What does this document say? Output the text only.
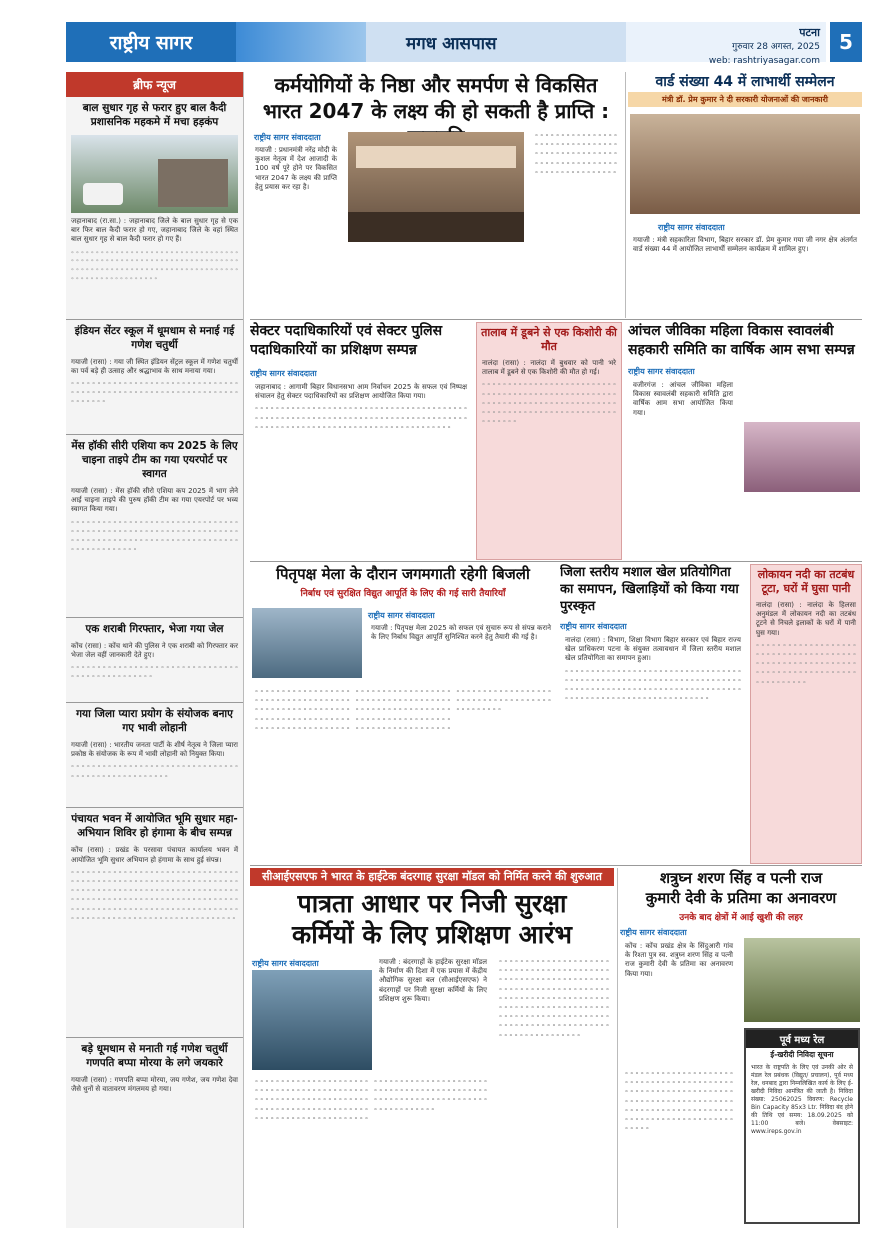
राष्ट्रीय सागर	मगध आसपास
पटना
गुरुवार 28 अगस्त, 2025
web: rashtriyasagar.com
5
ब्रीफ न्यूज
बाल सुधार गृह से फरार हुए बाल कैदी प्रशासनिक महकमे में मचा हड़कंप
जहानाबाद (रा.सा.) : जहानाबाद जिले के बाल सुधार गृह से एक बार फिर बाल कैदी फरार हो गए, जहानाबाद जिले के वहां स्थित बाल सुधार गृह से बाल कैदी फरार हो गए हैं।
॰ ॰ ॰ ॰ ॰ ॰ ॰ ॰ ॰ ॰ ॰ ॰ ॰ ॰ ॰ ॰ ॰ ॰ ॰ ॰ ॰ ॰ ॰ ॰ ॰ ॰ ॰ ॰ ॰ ॰ ॰ ॰ ॰ ॰ ॰ ॰ ॰ ॰ ॰ ॰ ॰ ॰ ॰ ॰ ॰ ॰ ॰ ॰ ॰ ॰ ॰ ॰ ॰ ॰ ॰ ॰ ॰ ॰ ॰ ॰ ॰ ॰ ॰ ॰ ॰ ॰ ॰ ॰ ॰ ॰ ॰ ॰ ॰ ॰ ॰ ॰ ॰ ॰ ॰ ॰ ॰ ॰ ॰ ॰ ॰ ॰ ॰ ॰ ॰ ॰ ॰ ॰ ॰ ॰ ॰ ॰ ॰ ॰ ॰ ॰ ॰ ॰ ॰ ॰ ॰ ॰ ॰ ॰ ॰ ॰ ॰ ॰ ॰ ॰ ॰ ॰ ॰ ॰ ॰ ॰
इंडियन सेंटर स्कूल में धूमधाम से मनाई गई गणेश चतुर्थी
गयाजी (रासा) : गया जी स्थित इंडियन सेंट्रल स्कूल में गणेश चतुर्थी का पर्व बड़े ही उत्साह और श्रद्धाभाव के साथ मनाया गया।
॰ ॰ ॰ ॰ ॰ ॰ ॰ ॰ ॰ ॰ ॰ ॰ ॰ ॰ ॰ ॰ ॰ ॰ ॰ ॰ ॰ ॰ ॰ ॰ ॰ ॰ ॰ ॰ ॰ ॰ ॰ ॰ ॰ ॰ ॰ ॰ ॰ ॰ ॰ ॰ ॰ ॰ ॰ ॰ ॰ ॰ ॰ ॰ ॰ ॰ ॰ ॰ ॰ ॰ ॰ ॰ ॰ ॰ ॰ ॰ ॰ ॰ ॰ ॰ ॰ ॰ ॰ ॰ ॰ ॰ ॰
मेंस हॉकी सीरी एशिया कप 2025 के लिए चाइना ताइपे टीम का गया एयरपोर्ट पर स्वागत
गयाजी (रासा) : मेंस हॉकी सीरो एशिया कप 2025 में भाग लेने आई चाइना ताइपे की पुरुष हॉकी टीम का गया एयरपोर्ट पर भव्य स्वागत किया गया।
॰ ॰ ॰ ॰ ॰ ॰ ॰ ॰ ॰ ॰ ॰ ॰ ॰ ॰ ॰ ॰ ॰ ॰ ॰ ॰ ॰ ॰ ॰ ॰ ॰ ॰ ॰ ॰ ॰ ॰ ॰ ॰ ॰ ॰ ॰ ॰ ॰ ॰ ॰ ॰ ॰ ॰ ॰ ॰ ॰ ॰ ॰ ॰ ॰ ॰ ॰ ॰ ॰ ॰ ॰ ॰ ॰ ॰ ॰ ॰ ॰ ॰ ॰ ॰ ॰ ॰ ॰ ॰ ॰ ॰ ॰ ॰ ॰ ॰ ॰ ॰ ॰ ॰ ॰ ॰ ॰ ॰ ॰ ॰ ॰ ॰ ॰ ॰ ॰ ॰ ॰ ॰ ॰ ॰ ॰ ॰ ॰ ॰ ॰ ॰ ॰ ॰ ॰ ॰ ॰ ॰ ॰ ॰ ॰
एक शराबी गिरफ्तार, भेजा गया जेल
कोंच (रासा) : कोंच थाने की पुलिस ने एक शराबी को गिरफ्तार कर भेजा जेल वहीं जानकारी देते हुए।
॰ ॰ ॰ ॰ ॰ ॰ ॰ ॰ ॰ ॰ ॰ ॰ ॰ ॰ ॰ ॰ ॰ ॰ ॰ ॰ ॰ ॰ ॰ ॰ ॰ ॰ ॰ ॰ ॰ ॰ ॰ ॰ ॰ ॰ ॰ ॰ ॰ ॰ ॰ ॰ ॰ ॰ ॰ ॰ ॰ ॰ ॰ ॰
गया जिला प्यारा प्रयोग के संयोजक बनाए गए भावी लोहानी
गयाजी (रासा) : भारतीय जनता पार्टी के शीर्ष नेतृत्व ने जिला प्यारा प्रकोष्ठ के संयोजक के रूप में भावी लोहानी को नियुक्त किया।
॰ ॰ ॰ ॰ ॰ ॰ ॰ ॰ ॰ ॰ ॰ ॰ ॰ ॰ ॰ ॰ ॰ ॰ ॰ ॰ ॰ ॰ ॰ ॰ ॰ ॰ ॰ ॰ ॰ ॰ ॰ ॰ ॰ ॰ ॰ ॰ ॰ ॰ ॰ ॰ ॰ ॰ ॰ ॰ ॰ ॰ ॰ ॰ ॰ ॰ ॰
पंचायत भवन में आयोजित भूमि सुधार महा-अभियान शिविर हो हंगामा के बीच सम्पन्न
कोंच (रासा) : प्रखंड के परसावा पंचायत कार्यालय भवन में आयोजित भूमि सुधार अभियान हो हंगामा के साथ हुई संपन्न।
॰ ॰ ॰ ॰ ॰ ॰ ॰ ॰ ॰ ॰ ॰ ॰ ॰ ॰ ॰ ॰ ॰ ॰ ॰ ॰ ॰ ॰ ॰ ॰ ॰ ॰ ॰ ॰ ॰ ॰ ॰ ॰ ॰ ॰ ॰ ॰ ॰ ॰ ॰ ॰ ॰ ॰ ॰ ॰ ॰ ॰ ॰ ॰ ॰ ॰ ॰ ॰ ॰ ॰ ॰ ॰ ॰ ॰ ॰ ॰ ॰ ॰ ॰ ॰ ॰ ॰ ॰ ॰ ॰ ॰ ॰ ॰ ॰ ॰ ॰ ॰ ॰ ॰ ॰ ॰ ॰ ॰ ॰ ॰ ॰ ॰ ॰ ॰ ॰ ॰ ॰ ॰ ॰ ॰ ॰ ॰ ॰ ॰ ॰ ॰ ॰ ॰ ॰ ॰ ॰ ॰ ॰ ॰ ॰ ॰ ॰ ॰ ॰ ॰ ॰ ॰ ॰ ॰ ॰ ॰ ॰ ॰ ॰ ॰ ॰ ॰ ॰ ॰ ॰ ॰ ॰ ॰ ॰ ॰ ॰ ॰ ॰ ॰ ॰ ॰ ॰ ॰ ॰ ॰ ॰ ॰ ॰ ॰ ॰ ॰ ॰ ॰ ॰ ॰ ॰ ॰ ॰ ॰ ॰ ॰ ॰ ॰ ॰ ॰ ॰ ॰ ॰ ॰ ॰ ॰ ॰ ॰ ॰ ॰ ॰ ॰ ॰ ॰ ॰ ॰ ॰ ॰ ॰ ॰ ॰ ॰ ॰ ॰ ॰ ॰ ॰ ॰
बड़े धूमधाम से मनाती गई गणेश चतुर्थी गणपति बप्पा मोरया के लगे जयकारे
गयाजी (रासा) : गणपति बप्पा मोरया, जय गणेश, जय गणेश देवा जैसे धुनों से वातावरण मंगलमय हो गया।
कर्मयोगियों के निष्ठा और समर्पण से विकसित
भारत 2047 के लक्ष्य की हो सकती है प्राप्ति :
राष्ट्रीय सागर संवाददाता
गयाजी : प्रधानमंत्री नरेंद्र मोदी के कुशल नेतृत्व में देश आजादी के 100 वर्ष पूरे होने पर विकसित भारत 2047 के लक्ष्य की प्राप्ति हेतु प्रयास कर रहा है।
॰ ॰ ॰ ॰ ॰ ॰ ॰ ॰ ॰ ॰ ॰ ॰ ॰ ॰ ॰ ॰ ॰ ॰ ॰ ॰ ॰ ॰ ॰ ॰ ॰ ॰ ॰ ॰ ॰ ॰ ॰ ॰ ॰ ॰ ॰ ॰ ॰ ॰ ॰ ॰ ॰ ॰ ॰ ॰ ॰ ॰ ॰ ॰ ॰ ॰ ॰ ॰ ॰ ॰ ॰ ॰ ॰ ॰ ॰ ॰ ॰ ॰ ॰ ॰ ॰ ॰ ॰ ॰ ॰ ॰ ॰ ॰ ॰ ॰ ॰ ॰ ॰ ॰ ॰ ॰
वार्ड संख्या 44 में लाभार्थी सम्मेलन
मंत्री डॉ. प्रेम कुमार ने दी सरकारी योजनाओं की जानकारी
राष्ट्रीय सागर संवाददाता
गयाजी : मंत्री सहकारिता विभाग, बिहार सरकार डॉ. प्रेम कुमार गया जी नगर क्षेत्र अंतर्गत वार्ड संख्या 44 में आयोजित लाभार्थी सम्मेलन कार्यक्रम में शामिल हुए।
सेक्टर पदाधिकारियों एवं सेक्टर पुलिस पदाधिकारियों का प्रशिक्षण सम्पन्न
राष्ट्रीय सागर संवाददाता
जहानाबाद : आगामी बिहार विधानसभा आम निर्वाचन 2025 के सफल एवं निष्पक्ष संचालन हेतु सेक्टर पदाधिकारियों का प्रशिक्षण आयोजित किया गया।
॰ ॰ ॰ ॰ ॰ ॰ ॰ ॰ ॰ ॰ ॰ ॰ ॰ ॰ ॰ ॰ ॰ ॰ ॰ ॰ ॰ ॰ ॰ ॰ ॰ ॰ ॰ ॰ ॰ ॰ ॰ ॰ ॰ ॰ ॰ ॰ ॰ ॰ ॰ ॰ ॰ ॰ ॰ ॰ ॰ ॰ ॰ ॰ ॰ ॰ ॰ ॰ ॰ ॰ ॰ ॰ ॰ ॰ ॰ ॰ ॰ ॰ ॰ ॰ ॰ ॰ ॰ ॰ ॰ ॰ ॰ ॰ ॰ ॰ ॰ ॰ ॰ ॰ ॰ ॰ ॰ ॰ ॰ ॰ ॰ ॰ ॰ ॰ ॰ ॰ ॰ ॰ ॰ ॰ ॰ ॰ ॰ ॰ ॰ ॰ ॰ ॰ ॰ ॰ ॰ ॰ ॰ ॰ ॰ ॰ ॰ ॰ ॰ ॰ ॰ ॰ ॰ ॰ ॰ ॰
तालाब में डूबने से एक किशोरी की मौत
नालंदा (रासा) : नालंदा में बुधवार को पानी भरे तालाब में डूबने से एक किशोरी की मौत हो गई।
॰ ॰ ॰ ॰ ॰ ॰ ॰ ॰ ॰ ॰ ॰ ॰ ॰ ॰ ॰ ॰ ॰ ॰ ॰ ॰ ॰ ॰ ॰ ॰ ॰ ॰ ॰ ॰ ॰ ॰ ॰ ॰ ॰ ॰ ॰ ॰ ॰ ॰ ॰ ॰ ॰ ॰ ॰ ॰ ॰ ॰ ॰ ॰ ॰ ॰ ॰ ॰ ॰ ॰ ॰ ॰ ॰ ॰ ॰ ॰ ॰ ॰ ॰ ॰ ॰ ॰ ॰ ॰ ॰ ॰ ॰ ॰ ॰ ॰ ॰ ॰ ॰ ॰ ॰ ॰ ॰ ॰ ॰ ॰ ॰ ॰ ॰ ॰ ॰ ॰ ॰ ॰ ॰ ॰ ॰ ॰ ॰ ॰ ॰ ॰ ॰ ॰ ॰ ॰ ॰ ॰ ॰ ॰ ॰ ॰ ॰
आंचल जीविका महिला विकास स्वावलंबी सहकारी समिति का वार्षिक आम सभा सम्पन्न
राष्ट्रीय सागर संवाददाता
वजीरगंज : आंचल जीविका महिला विकास स्वावलंबी सहकारी समिति द्वारा वार्षिक आम सभा आयोजित किया गया।
पितृपक्ष मेला के दौरान जगमगाती रहेगी बिजली
निर्बाध एवं सुरक्षित विद्युत आपूर्ति के लिए की गई सारी तैयारियाँ
राष्ट्रीय सागर संवाददाता
गयाजी : पितृपक्ष मेला 2025 को सफल एवं सुचारु रूप से संपन्न कराने के लिए निर्बाध विद्युत आपूर्ति सुनिश्चित करने हेतु तैयारी की गई है।
॰ ॰ ॰ ॰ ॰ ॰ ॰ ॰ ॰ ॰ ॰ ॰ ॰ ॰ ॰ ॰ ॰ ॰ ॰ ॰ ॰ ॰ ॰ ॰ ॰ ॰ ॰ ॰ ॰ ॰ ॰ ॰ ॰ ॰ ॰ ॰ ॰ ॰ ॰ ॰ ॰ ॰ ॰ ॰ ॰ ॰ ॰ ॰ ॰ ॰ ॰ ॰ ॰ ॰ ॰ ॰ ॰ ॰ ॰ ॰ ॰ ॰ ॰ ॰ ॰ ॰ ॰ ॰ ॰ ॰ ॰ ॰ ॰ ॰ ॰ ॰ ॰ ॰ ॰ ॰ ॰ ॰ ॰ ॰ ॰ ॰ ॰ ॰ ॰ ॰ ॰ ॰ ॰ ॰ ॰ ॰ ॰ ॰ ॰ ॰ ॰ ॰ ॰ ॰ ॰ ॰ ॰ ॰ ॰ ॰ ॰ ॰ ॰ ॰ ॰ ॰ ॰ ॰ ॰ ॰ ॰ ॰ ॰ ॰ ॰ ॰ ॰ ॰ ॰ ॰ ॰ ॰ ॰ ॰ ॰ ॰ ॰ ॰ ॰ ॰ ॰ ॰ ॰ ॰ ॰ ॰ ॰ ॰ ॰ ॰ ॰ ॰ ॰ ॰ ॰ ॰ ॰ ॰ ॰ ॰ ॰ ॰ ॰ ॰ ॰ ॰ ॰ ॰ ॰ ॰ ॰ ॰ ॰ ॰ ॰ ॰ ॰ ॰ ॰ ॰ ॰ ॰ ॰ ॰ ॰ ॰ ॰ ॰ ॰ ॰ ॰ ॰ ॰ ॰ ॰ ॰ ॰ ॰ ॰ ॰ ॰ ॰ ॰ ॰ ॰ ॰ ॰ ॰ ॰ ॰ ॰ ॰ ॰ ॰ ॰ ॰ ॰ ॰ ॰ ॰ ॰ ॰ ॰ ॰ ॰
जिला स्तरीय मशाल खेल प्रतियोगिता का समापन, खिलाड़ियों को किया गया पुरस्कृत
राष्ट्रीय सागर संवाददाता
नालंदा (रासा) : विभाग, शिक्षा विभाग बिहार सरकार एवं बिहार राज्य खेल प्राधिकरण पटना के संयुक्त तत्वावधान में जिला स्तरीय मशाल खेल प्रतियोगिता का समापन हुआ।
॰ ॰ ॰ ॰ ॰ ॰ ॰ ॰ ॰ ॰ ॰ ॰ ॰ ॰ ॰ ॰ ॰ ॰ ॰ ॰ ॰ ॰ ॰ ॰ ॰ ॰ ॰ ॰ ॰ ॰ ॰ ॰ ॰ ॰ ॰ ॰ ॰ ॰ ॰ ॰ ॰ ॰ ॰ ॰ ॰ ॰ ॰ ॰ ॰ ॰ ॰ ॰ ॰ ॰ ॰ ॰ ॰ ॰ ॰ ॰ ॰ ॰ ॰ ॰ ॰ ॰ ॰ ॰ ॰ ॰ ॰ ॰ ॰ ॰ ॰ ॰ ॰ ॰ ॰ ॰ ॰ ॰ ॰ ॰ ॰ ॰ ॰ ॰ ॰ ॰ ॰ ॰ ॰ ॰ ॰ ॰ ॰ ॰ ॰ ॰ ॰ ॰ ॰ ॰ ॰ ॰ ॰ ॰ ॰ ॰ ॰ ॰ ॰ ॰ ॰ ॰ ॰ ॰ ॰ ॰ ॰ ॰ ॰ ॰ ॰ ॰ ॰ ॰ ॰ ॰
लोकायन नदी का तटबंध टूटा, घरों में घुसा पानी
नालंदा (रासा) : नालंदा के हिलसा अनुमंडल में लोकायन नदी का तटबंध टूटने से निचले इलाकों के घरों में पानी घुस गया।
॰ ॰ ॰ ॰ ॰ ॰ ॰ ॰ ॰ ॰ ॰ ॰ ॰ ॰ ॰ ॰ ॰ ॰ ॰ ॰ ॰ ॰ ॰ ॰ ॰ ॰ ॰ ॰ ॰ ॰ ॰ ॰ ॰ ॰ ॰ ॰ ॰ ॰ ॰ ॰ ॰ ॰ ॰ ॰ ॰ ॰ ॰ ॰ ॰ ॰ ॰ ॰ ॰ ॰ ॰ ॰ ॰ ॰ ॰ ॰ ॰ ॰ ॰ ॰ ॰ ॰ ॰ ॰ ॰ ॰ ॰ ॰ ॰ ॰ ॰ ॰ ॰ ॰ ॰ ॰ ॰ ॰ ॰ ॰ ॰ ॰
सीआईएसएफ ने भारत के हाईटेक बंदरगाह सुरक्षा मॉडल को निर्मित करने की शुरुआत
पात्रता आधार पर निजी सुरक्षा
कर्मियों के लिए प्रशिक्षण आरंभ
राष्ट्रीय सागर संवाददाता	गयाजी : बंदरगाहों के हाईटेक सुरक्षा मॉडल के निर्माण की दिशा में एक प्रयास में केंद्रीय औद्योगिक सुरक्षा बल (सीआईएसएफ) ने बंदरगाहों पर निजी सुरक्षा कर्मियों के लिए प्रशिक्षण शुरू किया।
॰ ॰ ॰ ॰ ॰ ॰ ॰ ॰ ॰ ॰ ॰ ॰ ॰ ॰ ॰ ॰ ॰ ॰ ॰ ॰ ॰ ॰ ॰ ॰ ॰ ॰ ॰ ॰ ॰ ॰ ॰ ॰ ॰ ॰ ॰ ॰ ॰ ॰ ॰ ॰ ॰ ॰ ॰ ॰ ॰ ॰ ॰ ॰ ॰ ॰ ॰ ॰ ॰ ॰ ॰ ॰ ॰ ॰ ॰ ॰ ॰ ॰ ॰ ॰ ॰ ॰ ॰ ॰ ॰ ॰ ॰ ॰ ॰ ॰ ॰ ॰ ॰ ॰ ॰ ॰ ॰ ॰ ॰ ॰ ॰ ॰ ॰ ॰ ॰ ॰ ॰ ॰ ॰ ॰ ॰ ॰ ॰ ॰ ॰ ॰ ॰ ॰ ॰ ॰ ॰ ॰ ॰ ॰ ॰ ॰ ॰ ॰ ॰ ॰ ॰ ॰ ॰ ॰ ॰ ॰ ॰ ॰ ॰ ॰ ॰ ॰ ॰ ॰ ॰ ॰ ॰ ॰ ॰ ॰ ॰ ॰ ॰ ॰ ॰ ॰ ॰ ॰ ॰ ॰ ॰ ॰ ॰ ॰ ॰ ॰ ॰ ॰ ॰ ॰ ॰ ॰ ॰ ॰ ॰ ॰ ॰ ॰ ॰ ॰ ॰ ॰ ॰ ॰ ॰ ॰ ॰ ॰ ॰ ॰ ॰ ॰ ॰ ॰ ॰ ॰ ॰ ॰ ॰ ॰
॰ ॰ ॰ ॰ ॰ ॰ ॰ ॰ ॰ ॰ ॰ ॰ ॰ ॰ ॰ ॰ ॰ ॰ ॰ ॰ ॰ ॰ ॰ ॰ ॰ ॰ ॰ ॰ ॰ ॰ ॰ ॰ ॰ ॰ ॰ ॰ ॰ ॰ ॰ ॰ ॰ ॰ ॰ ॰ ॰ ॰ ॰ ॰ ॰ ॰ ॰ ॰ ॰ ॰ ॰ ॰ ॰ ॰ ॰ ॰ ॰ ॰ ॰ ॰ ॰ ॰ ॰ ॰ ॰ ॰ ॰ ॰ ॰ ॰ ॰ ॰ ॰ ॰ ॰ ॰ ॰ ॰ ॰ ॰ ॰ ॰ ॰ ॰ ॰ ॰ ॰ ॰ ॰ ॰ ॰ ॰ ॰ ॰ ॰ ॰ ॰ ॰ ॰ ॰ ॰ ॰ ॰ ॰ ॰ ॰ ॰ ॰ ॰ ॰ ॰ ॰ ॰ ॰ ॰ ॰ ॰ ॰ ॰ ॰ ॰ ॰ ॰ ॰ ॰ ॰ ॰ ॰ ॰ ॰ ॰ ॰ ॰ ॰ ॰ ॰ ॰ ॰ ॰ ॰ ॰ ॰ ॰ ॰ ॰ ॰ ॰ ॰ ॰ ॰ ॰ ॰ ॰ ॰ ॰ ॰ ॰ ॰ ॰ ॰ ॰ ॰ ॰ ॰ ॰ ॰ ॰ ॰ ॰ ॰ ॰ ॰ ॰ ॰ ॰ ॰ ॰ ॰ ॰ ॰ ॰ ॰ ॰ ॰
शत्रुघ्न शरण सिंह व पत्नी राज
कुमारी देवी के प्रतिमा का अनावरण
उनके बाद क्षेत्रों में आई खुशी की लहर
राष्ट्रीय सागर संवाददाता
कोंच : कोंच प्रखंड क्षेत्र के सिंदुआरी गांव के रिश्ता पुत्र स्व. शत्रुघ्न शरण सिंह व पत्नी राज कुमारी देवी के प्रतिमा का अनावरण किया गया।
पूर्व मध्य रेल
ई-खरीदी निविदा सूचना
भारत के राष्ट्रपति के लिए एवं उनकी ओर से मंडल रेल प्रबंधक (विद्युत/ प्रचालन), पूर्व मध्य रेल, धनबाद द्वारा निम्नलिखित कार्य के लिए ई-खरीदी निविदा आमंत्रित की जाती है। निविदा संख्या: 25062025 विवरण: Recycle Bin Capacity 85x3 Ltr. निविदा बंद होने की तिथि एवं समय: 18.09.2025 को 11:00 बजे। वेबसाइट: www.ireps.gov.in
॰ ॰ ॰ ॰ ॰ ॰ ॰ ॰ ॰ ॰ ॰ ॰ ॰ ॰ ॰ ॰ ॰ ॰ ॰ ॰ ॰ ॰ ॰ ॰ ॰ ॰ ॰ ॰ ॰ ॰ ॰ ॰ ॰ ॰ ॰ ॰ ॰ ॰ ॰ ॰ ॰ ॰ ॰ ॰ ॰ ॰ ॰ ॰ ॰ ॰ ॰ ॰ ॰ ॰ ॰ ॰ ॰ ॰ ॰ ॰ ॰ ॰ ॰ ॰ ॰ ॰ ॰ ॰ ॰ ॰ ॰ ॰ ॰ ॰ ॰ ॰ ॰ ॰ ॰ ॰ ॰ ॰ ॰ ॰ ॰ ॰ ॰ ॰ ॰ ॰ ॰ ॰ ॰ ॰ ॰ ॰ ॰ ॰ ॰ ॰ ॰ ॰ ॰ ॰ ॰ ॰ ॰ ॰ ॰ ॰ ॰ ॰ ॰ ॰ ॰ ॰ ॰ ॰ ॰ ॰ ॰ ॰ ॰ ॰ ॰ ॰ ॰ ॰ ॰ ॰ ॰
